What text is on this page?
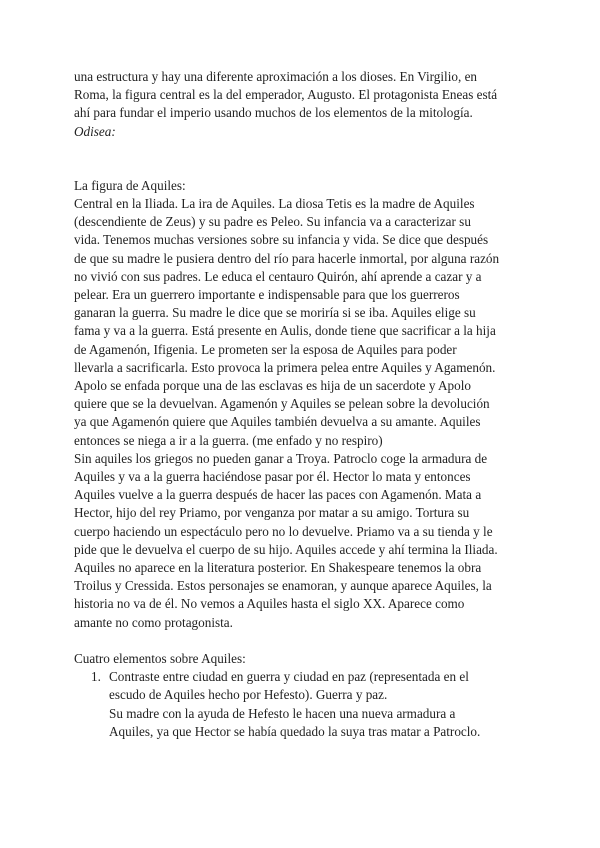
una estructura y hay una diferente aproximación a los dioses. En Virgilio, en
Roma, la figura central es la del emperador, Augusto. El protagonista Eneas está
ahí para fundar el imperio usando muchos de los elementos de la mitología.
Odisea:
La figura de Aquiles:
Central en la Iliada. La ira de Aquiles. La diosa Tetis es la madre de Aquiles
(descendiente de Zeus) y su padre es Peleo. Su infancia va a caracterizar su
vida. Tenemos muchas versiones sobre su infancia y vida. Se dice que después
de que su madre le pusiera dentro del río para hacerle inmortal, por alguna razón
no vivió con sus padres. Le educa el centauro Quirón, ahí aprende a cazar y a
pelear. Era un guerrero importante e indispensable para que los guerreros
ganaran la guerra. Su madre le dice que se moriría si se iba. Aquiles elige su
fama y va a la guerra. Está presente en Aulis, donde tiene que sacrificar a la hija
de Agamenón, Ifigenia. Le prometen ser la esposa de Aquiles para poder
llevarla a sacrificarla. Esto provoca la primera pelea entre Aquiles y Agamenón.
Apolo se enfada porque una de las esclavas es hija de un sacerdote y Apolo
quiere que se la devuelvan. Agamenón y Aquiles se pelean sobre la devolución
ya que Agamenón quiere que Aquiles también devuelva a su amante. Aquiles
entonces se niega a ir a la guerra. (me enfado y no respiro)
Sin aquiles los griegos no pueden ganar a Troya. Patroclo coge la armadura de
Aquiles y va a la guerra haciéndose pasar por él. Hector lo mata y entonces
Aquiles vuelve a la guerra después de hacer las paces con Agamenón. Mata a
Hector, hijo del rey Priamo, por venganza por matar a su amigo. Tortura su
cuerpo haciendo un espectáculo pero no lo devuelve. Priamo va a su tienda y le
pide que le devuelva el cuerpo de su hijo. Aquiles accede y ahí termina la Iliada.
Aquiles no aparece en la literatura posterior. En Shakespeare tenemos la obra
Troilus y Cressida. Estos personajes se enamoran, y aunque aparece Aquiles, la
historia no va de él. No vemos a Aquiles hasta el siglo XX. Aparece como
amante no como protagonista.
Cuatro elementos sobre Aquiles:
1. Contraste entre ciudad en guerra y ciudad en paz (representada en el
escudo de Aquiles hecho por Hefesto). Guerra y paz.
Su madre con la ayuda de Hefesto le hacen una nueva armadura a
Aquiles, ya que Hector se había quedado la suya tras matar a Patroclo.
